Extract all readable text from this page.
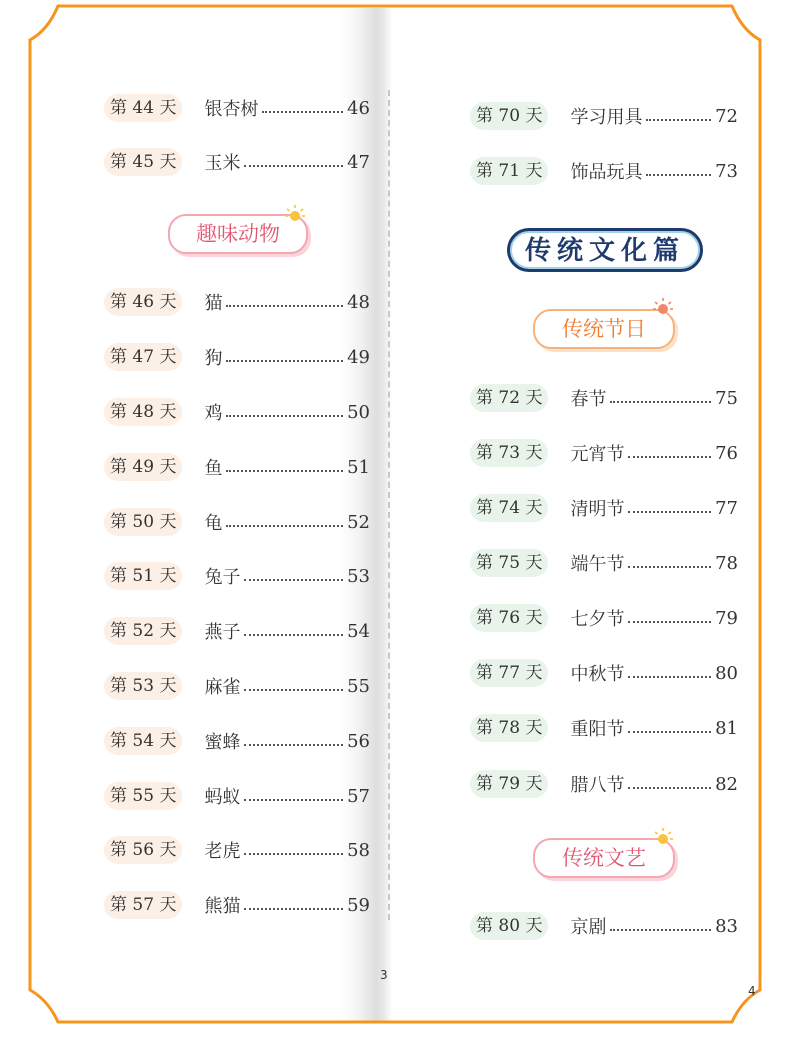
第 44 天	银杏树	46
第 45 天	玉米	47
趣味动物
第 46 天	猫	48
第 47 天	狗	49
第 48 天	鸡	50
第 49 天	鱼	51
第 50 天	龟	52
第 51 天	兔子	53
第 52 天	燕子	54
第 53 天	麻雀	55
第 54 天	蜜蜂	56
第 55 天	蚂蚁	57
第 56 天	老虎	58
第 57 天	熊猫	59
3
第 70 天	学习用具	72
第 71 天	饰品玩具	73
传统文化篇
传统节日
第 72 天	春节	75
第 73 天	元宵节	76
第 74 天	清明节	77
第 75 天	端午节	78
第 76 天	七夕节	79
第 77 天	中秋节	80
第 78 天	重阳节	81
第 79 天	腊八节	82
传统文艺
第 80 天	京剧	83
4
